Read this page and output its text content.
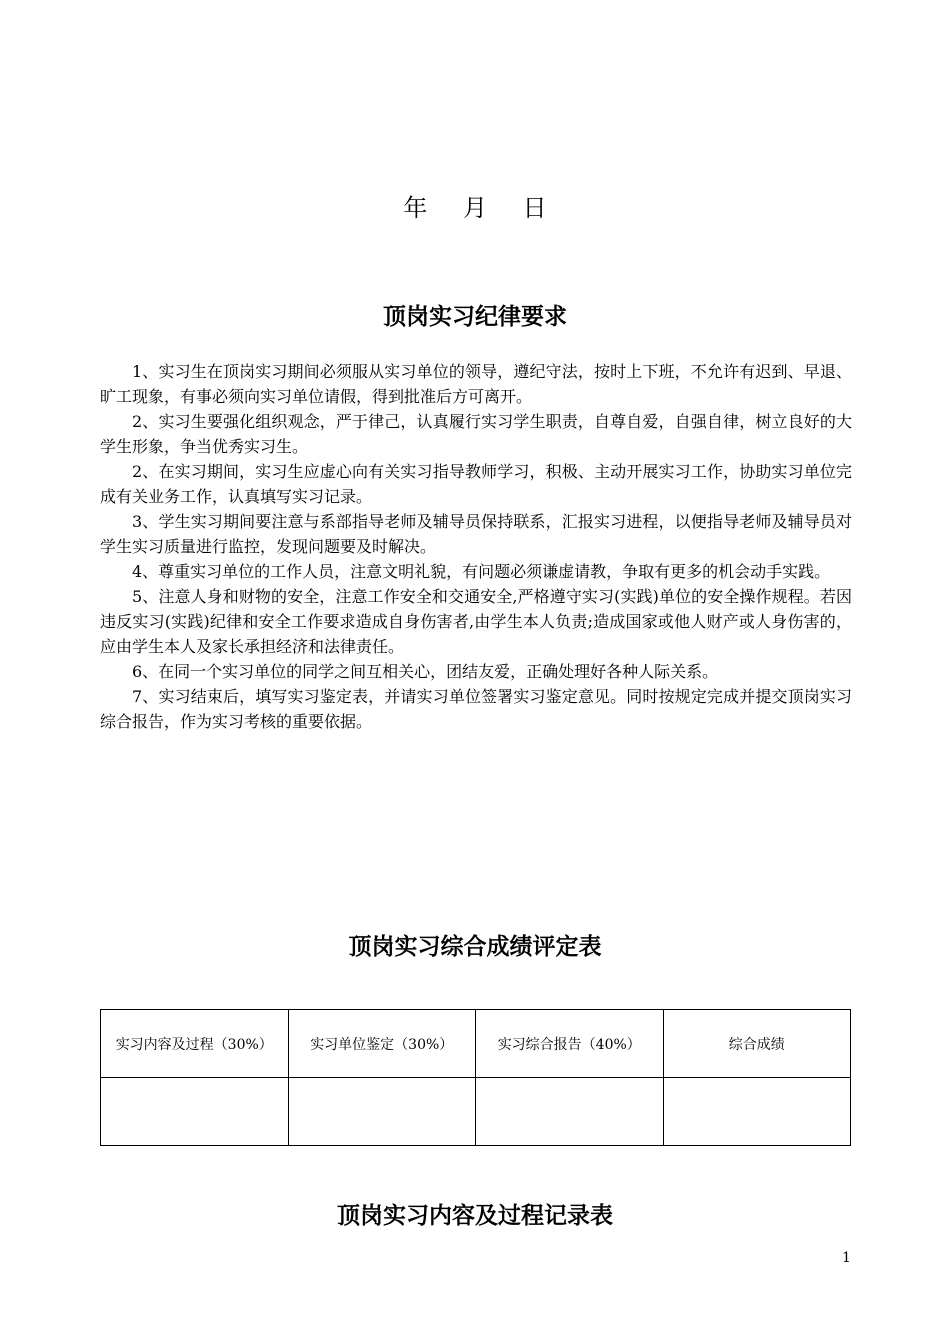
年 月 日
顶岗实习纪律要求

1、实习生在顶岗实习期间必须服从实习单位的领导，遵纪守法，按时上下班，不允许有迟到、早退、旷工现象，有事必须向实习单位请假，得到批准后方可离开。

2、实习生要强化组织观念，严于律己，认真履行实习学生职责，自尊自爱，自强自律，树立良好的大学生形象，争当优秀实习生。

2、在实习期间，实习生应虚心向有关实习指导教师学习，积极、主动开展实习工作，协助实习单位完成有关业务工作，认真填写实习记录。

3、学生实习期间要注意与系部指导老师及辅导员保持联系，汇报实习进程，以便指导老师及辅导员对学生实习质量进行监控，发现问题要及时解决。

4、尊重实习单位的工作人员，注意文明礼貌，有问题必须谦虚请教，争取有更多的机会动手实践。

5、注意人身和财物的安全，注意工作安全和交通安全,严格遵守实习(实践)单位的安全操作规程。若因违反实习(实践)纪律和安全工作要求造成自身伤害者,由学生本人负责;造成国家或他人财产或人身伤害的，应由学生本人及家长承担经济和法律责任。

6、在同一个实习单位的同学之间互相关心，团结友爱，正确处理好各种人际关系。

7、实习结束后，填写实习鉴定表，并请实习单位签署实习鉴定意见。同时按规定完成并提交顶岗实习综合报告，作为实习考核的重要依据。

顶岗实习综合成绩评定表
实习内容及过程（30%）	实习单位鉴定（30%）	实习综合报告（40%）	综合成绩

顶岗实习内容及过程记录表
1
